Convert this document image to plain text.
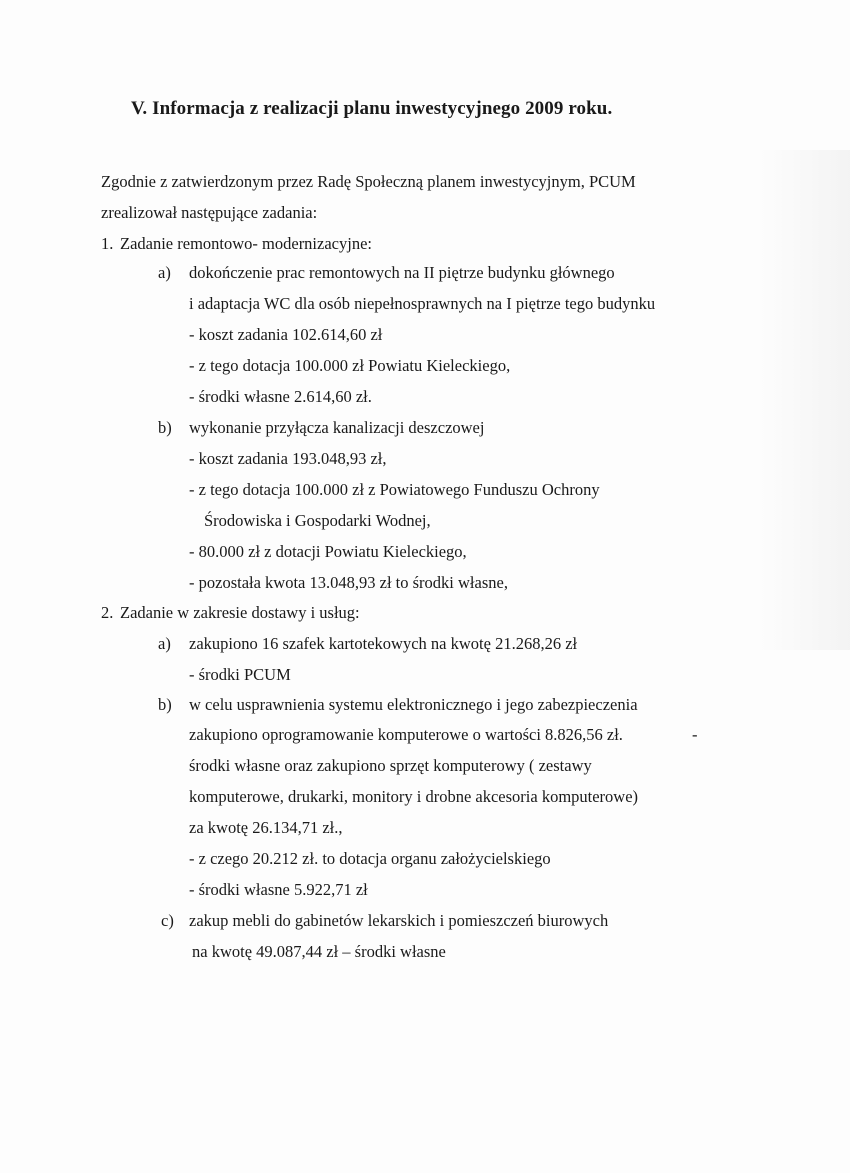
V. Informacja z realizacji planu inwestycyjnego 2009 roku.
Zgodnie z zatwierdzonym przez Radę Społeczną planem inwestycyjnym, PCUM
zrealizował następujące zadania:
1. Zadanie remontowo- modernizacyjne:
a) dokończenie prac remontowych na II piętrze budynku głównego
i adaptacja WC dla osób niepełnosprawnych na I piętrze tego budynku
- koszt zadania 102.614,60 zł
- z tego dotacja 100.000 zł Powiatu Kieleckiego,
- środki własne 2.614,60 zł.
b) wykonanie przyłącza kanalizacji deszczowej
- koszt zadania 193.048,93 zł,
- z tego dotacja 100.000 zł z Powiatowego Funduszu Ochrony
Środowiska i Gospodarki Wodnej,
- 80.000 zł z dotacji Powiatu Kieleckiego,
- pozostała kwota 13.048,93 zł to środki własne,
2. Zadanie w zakresie dostawy i usług:
a) zakupiono 16 szafek kartotekowych na kwotę 21.268,26 zł
- środki PCUM
b) w celu usprawnienia systemu elektronicznego i jego zabezpieczenia
zakupiono oprogramowanie komputerowe o wartości 8.826,56 zł.	-
środki własne oraz zakupiono sprzęt komputerowy ( zestawy
komputerowe, drukarki, monitory i drobne akcesoria komputerowe)
za kwotę 26.134,71 zł.,
- z czego 20.212 zł. to dotacja organu założycielskiego
- środki własne 5.922,71 zł
c) zakup mebli do gabinetów lekarskich i pomieszczeń biurowych
na kwotę 49.087,44 zł – środki własne
